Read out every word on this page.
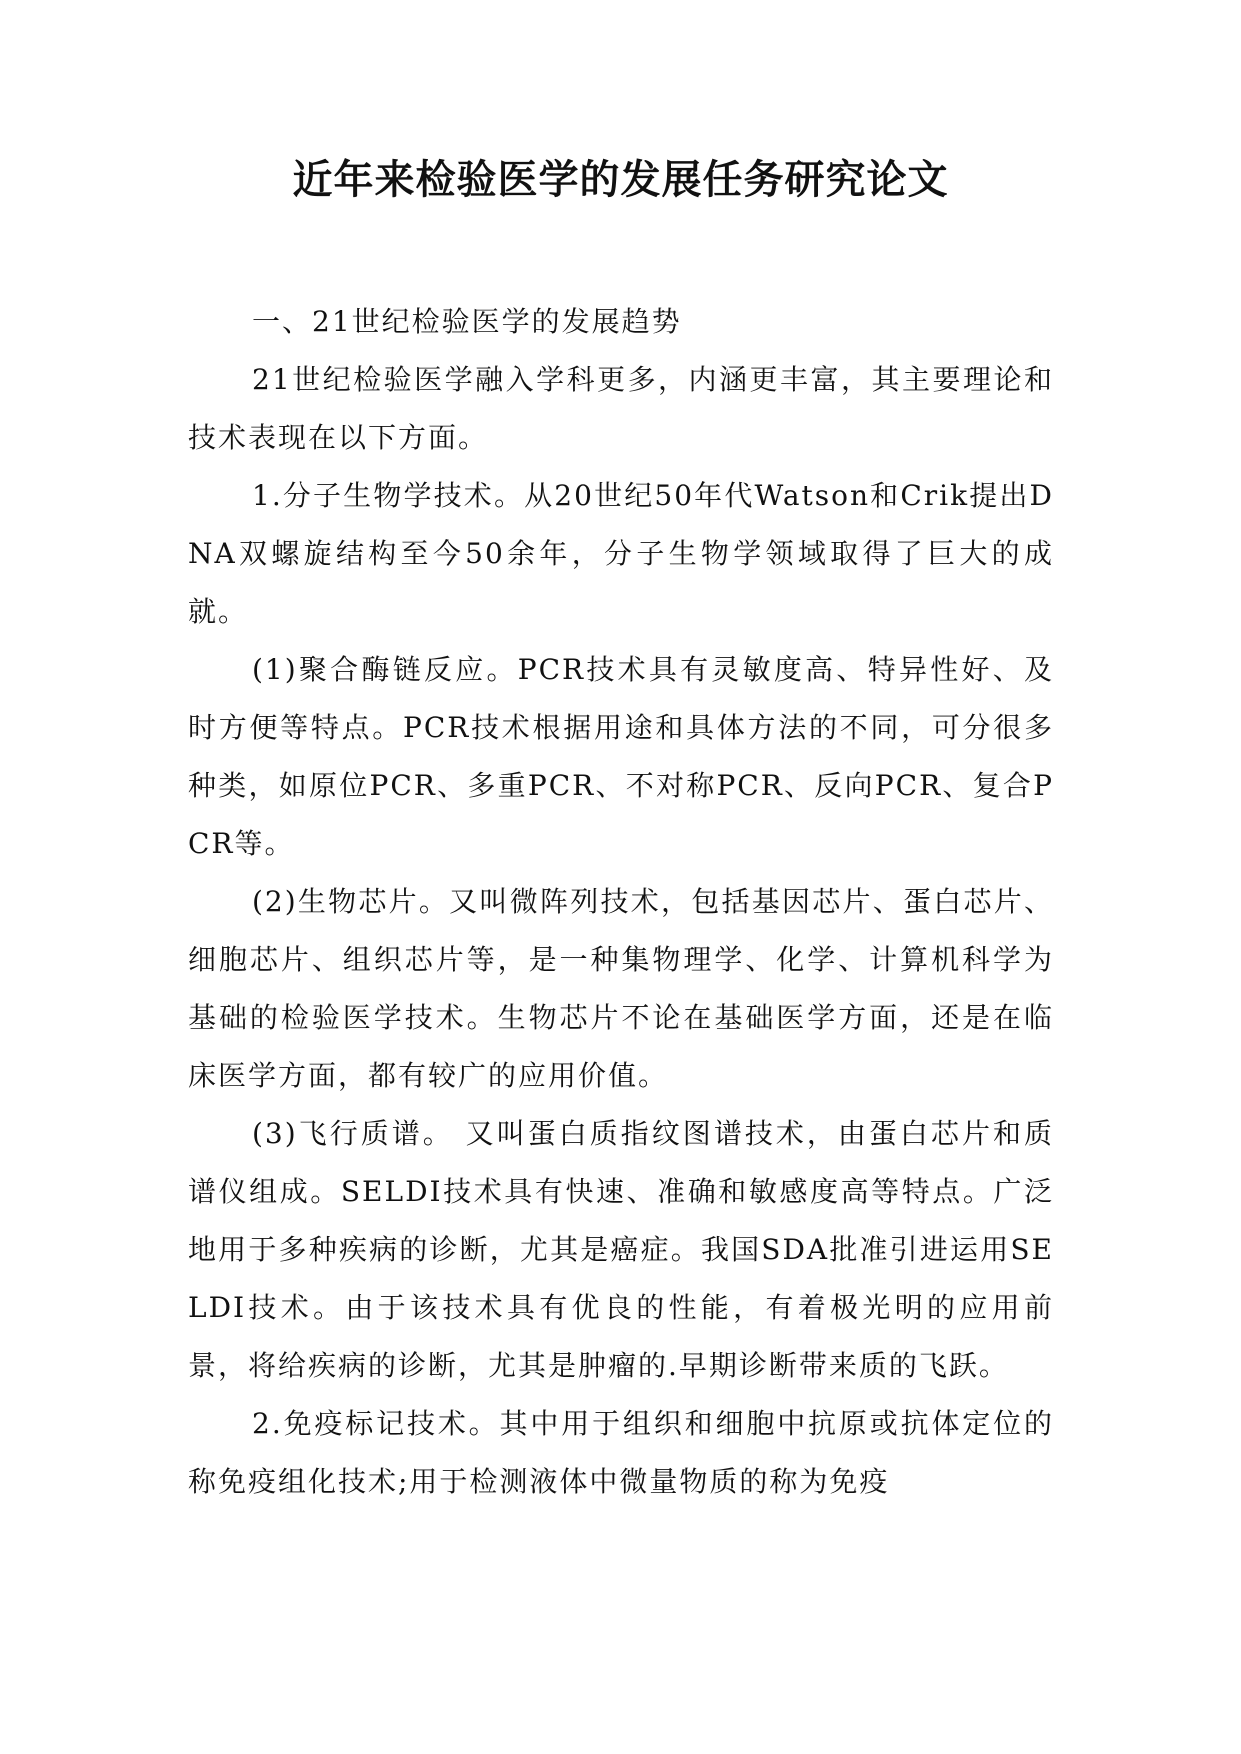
近年来检验医学的发展任务研究论文

一、21世纪检验医学的发展趋势

21世纪检验医学融入学科更多，内涵更丰富，其主要理论和技术表现在以下方面。

1.分子生物学技术。从20世纪50年代Watson和Crik提出DNA双螺旋结构至今50余年，分子生物学领域取得了巨大的成就。

(1)聚合酶链反应。PCR技术具有灵敏度高、特异性好、及时方便等特点。PCR技术根据用途和具体方法的不同，可分很多种类，如原位PCR、多重PCR、不对称PCR、反向PCR、复合PCR等。

(2)生物芯片。又叫微阵列技术，包括基因芯片、蛋白芯片、细胞芯片、组织芯片等，是一种集物理学、化学、计算机科学为基础的检验医学技术。生物芯片不论在基础医学方面，还是在临床医学方面，都有较广的应用价值。

(3)飞行质谱。 又叫蛋白质指纹图谱技术，由蛋白芯片和质谱仪组成。SELDI技术具有快速、准确和敏感度高等特点。广泛地用于多种疾病的诊断，尤其是癌症。我国SDA批准引进运用SELDI技术。由于该技术具有优良的性能，有着极光明的应用前景，将给疾病的诊断，尤其是肿瘤的.早期诊断带来质的飞跃。

2.免疫标记技术。其中用于组织和细胞中抗原或抗体定位的称免疫组化技术;用于检测液体中微量物质的称为免疫
